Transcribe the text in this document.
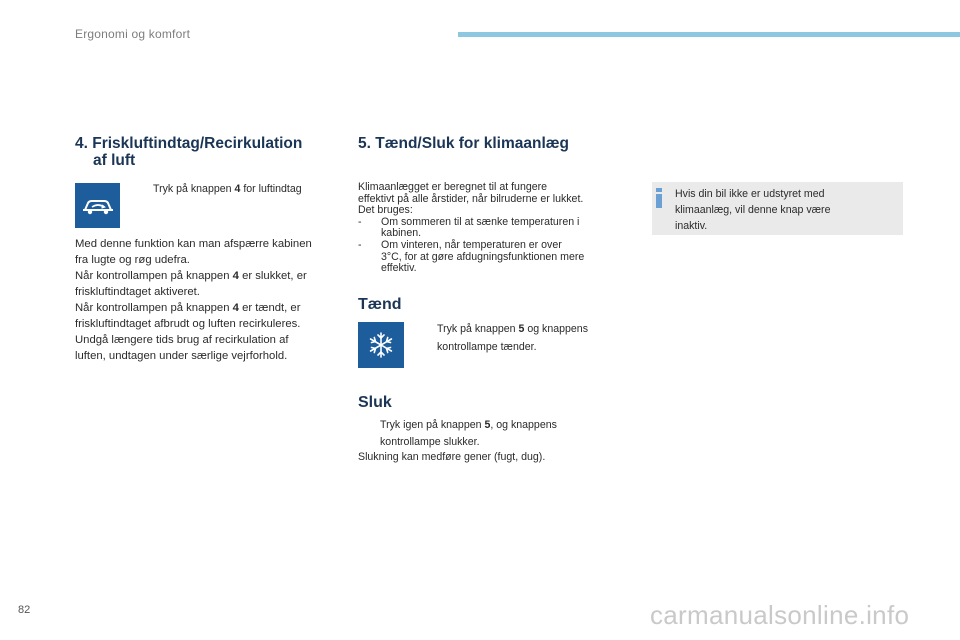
Ergonomi og komfort
4. Friskluftindtag/Recirkulation
af luft
Tryk på knappen 4 for luftindtag
Med denne funktion kan man afspærre kabinen
fra lugte og røg udefra.
Når kontrollampen på knappen 4 er slukket, er
friskluftindtaget aktiveret.
Når kontrollampen på knappen 4 er tændt, er
friskluftindtaget afbrudt og luften recirkuleres.
Undgå længere tids brug af recirkulation af
luften, undtagen under særlige vejrforhold.
5. Tænd/Sluk for klimaanlæg
Klimaanlægget er beregnet til at fungere
effektivt på alle årstider, når bilruderne er lukket.
Det bruges:
-	Om sommeren til at sænke temperaturen i
kabinen.
-	Om vinteren, når temperaturen er over
3°C, for at gøre afdugningsfunktionen mere
effektiv.
Tænd
Tryk på knappen 5 og knappens
kontrollampe tænder.
Sluk
Tryk igen på knappen 5, og knappens
kontrollampe slukker.
Slukning kan medføre gener (fugt, dug).
Hvis din bil ikke er udstyret med
klimaanlæg, vil denne knap være
inaktiv.
82	carmanualsonline.info
